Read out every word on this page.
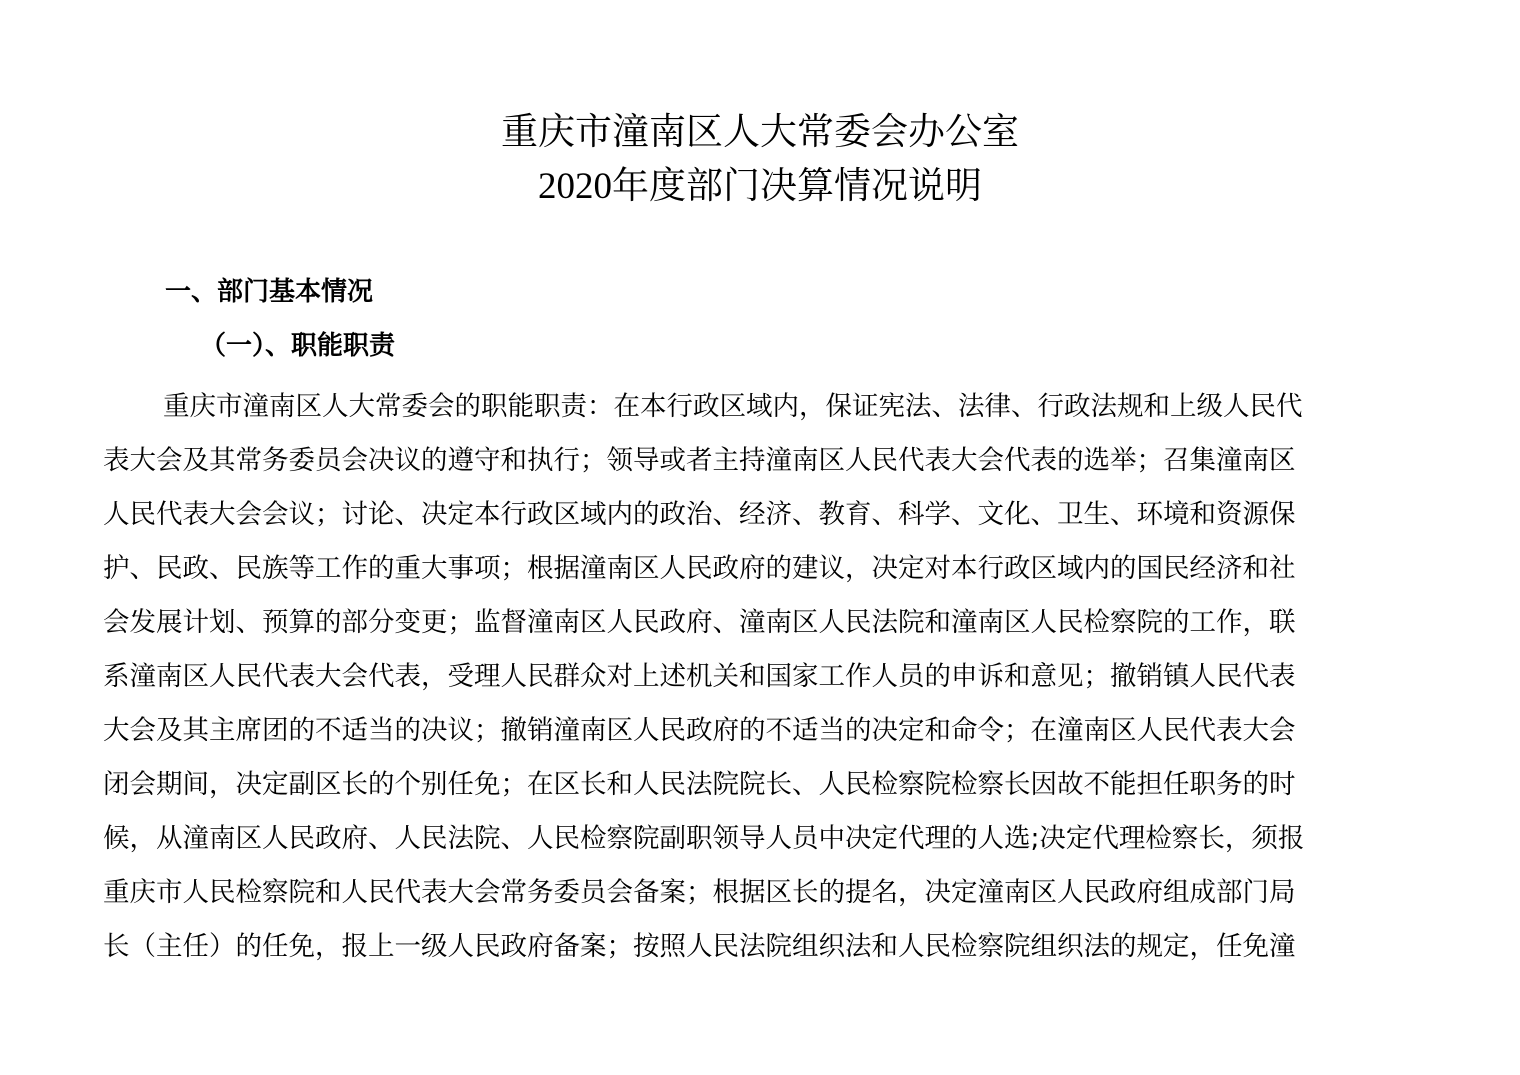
重庆市潼南区人大常委会办公室
2020年度部门决算情况说明
一、部门基本情况
（一）、职能职责
重庆市潼南区人大常委会的职能职责：在本行政区域内，保证宪法、法律、行政法规和上级人民代
表大会及其常务委员会决议的遵守和执行；领导或者主持潼南区人民代表大会代表的选举；召集潼南区
人民代表大会会议；讨论、决定本行政区域内的政治、经济、教育、科学、文化、卫生、环境和资源保
护、民政、民族等工作的重大事项；根据潼南区人民政府的建议，决定对本行政区域内的国民经济和社
会发展计划、预算的部分变更；监督潼南区人民政府、潼南区人民法院和潼南区人民检察院的工作，联
系潼南区人民代表大会代表，受理人民群众对上述机关和国家工作人员的申诉和意见；撤销镇人民代表
大会及其主席团的不适当的决议；撤销潼南区人民政府的不适当的决定和命令；在潼南区人民代表大会
闭会期间，决定副区长的个别任免；在区长和人民法院院长、人民检察院检察长因故不能担任职务的时
候，从潼南区人民政府、人民法院、人民检察院副职领导人员中决定代理的人选;决定代理检察长，须报
重庆市人民检察院和人民代表大会常务委员会备案；根据区长的提名，决定潼南区人民政府组成部门局
长（主任）的任免，报上一级人民政府备案；按照人民法院组织法和人民检察院组织法的规定，任免潼
